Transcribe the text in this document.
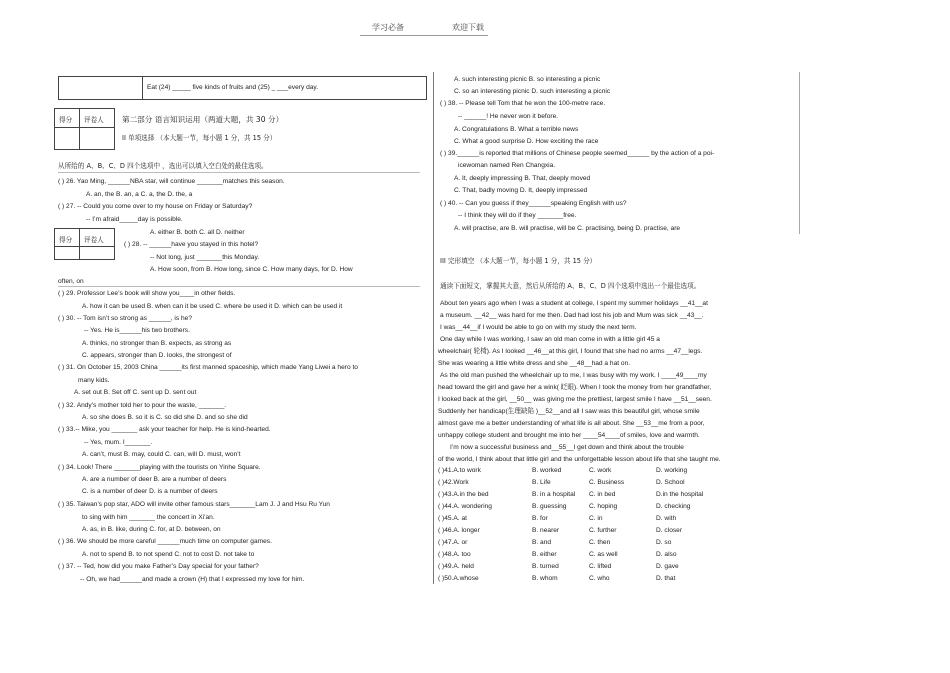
学习必备	欢迎下载
Eat (24) _____ five kinds of fruits and (25) _ ___every day.
得分 评卷人 第二部分 语言知识运用（两道大题，共 30 分）
II 单项选择 （本大题一节，每小题 1 分，共 15 分）
从所给的 A、B、C、D 四个选项中 ，选出可以填入空白处的最佳选项。
得分 评卷人
( ) 26. Yao Ming, ______NBA star, will continue _______matches this season.
A. an, the B. an, a C. a, the D. the, a
( ) 27. -- Could you come over to my house on Friday or Saturday?
-- I’m afraid_____day is possible.
A. either B. both C. all D. neither
( ) 28. -- ______have you stayed in this hotel?
-- Not long, just _______this Monday.
A. How soon, from B. How long, since C. How many days, for D. How
often, on
( ) 29. Professor Lee’s book will show you____in other fields.
A. how it can be used B. when can it be used C. where be used it D. which can be used it
( ) 30. -- Tom isn’t so strong as ______, is he?
-- Yes. He is______his two brothers.
A. thinks, no stronger than B. expects, as strong as
C. appears, stronger than D. looks, the strongest of
( ) 31. On October 15, 2003 China ______its first manned spaceship, which made Yang Liwei a hero to
many kids.
A. set out B. Set off C. sent up D. sent out
( ) 32. Andy’s mother told her to pour the waste, _______.
A. so she does B. so it is C. so did she D. and so she did
( ) 33.-- Mike, you _______ ask your teacher for help. He is kind-hearted.
-- Yes, mum. I_______.
A. can’t, must B. may, could C. can, will D. must, won’t
( ) 34. Look! There _______playing with the tourists on Yinhe Square.
A. are a number of deer B. are a number of deers
C. is a number of deer D. is a number of deers
( ) 35. Taiwan’s pop star, ADO will invite other famous stars_______Lam J. J and Hsu Ru Yun
to sing with him _______ the concert in Xi’an.
A. as, in B. like, during C. for, at D. between, on
( ) 36. We should be more careful ______much time on computer games.
A. not to spend B. to not spend C. not to cost D. not take to
( ) 37. -- Ted, how did you make Father’s Day special for your father?
-- Oh, we had______and made a crown (H) that I expressed my love for him.
A. such interesting picnic B. so interesting a picnic
C. so an interesting picnic D. such interesting a picnic
( ) 38. -- Please tell Tom that he won the 100-metre race.
-- ______! He never won it before.
A. Congratulations B. What a terrible news
C. What a good surprise D. How exciting the race
( ) 39.______is reported that millions of Chinese people seemed______ by the action of a poi-
icewoman named Ren Changxia.
A. It, deeply impressing B. That, deeply moved
C. That, badly moving D. It, deeply impressed
( ) 40. -- Can you guess if they______speaking English with us?
-- I think they will do if they _______free.
A. will practise, are B. will practise, will be C. practising, being D. practise, are
III 完形填空 （本大题一节，每小题 1 分，共 15 分）
通读下面短文，掌握其大意，然后从所给的 A、B、C、D 四个选项中选出一个最佳选项。
About ten years ago when I was a student at college, I spent my summer holidays __41__at
a museum. __42__ was hard for me then. Dad had lost his job and Mum was sick __43__.
I was__44__if I would be able to go on with my study the next term.
One day while I was working, I saw an old man come in with a little girl 45 a
wheelchair( 轮椅). As I looked __46__at this girl, I found that she had no arms __47__legs.
She was wearing a little white dress and she __48__had a hat on.
As the old man pushed the wheelchair up to me, I was busy with my work. I ____49____my
head toward the girl and gave her a wink( 眨眼). When I took the money from her grandfather,
I looked back at the girl, __50__ was giving me the prettiest, largest smile I have __51__seen.
Suddenly her handicap(生理缺陷 )__52__and all I saw was this beautiful girl, whose smile
almost gave me a better understanding of what life is all about. She __53__me from a poor,
unhappy college student and brought me into her ____54____of smiles, love and warmth.
I’m now a successful business and__55__I get down and think about the trouble
of the world, I think about that little girl and the unforgettable lesson about life that she taught me.
( )41.A.to work	B. worked	C. work	D. working
( )42.Work	B. Life	C. Business	D. School
( )43.A.in the bed	B. in a hospital C. in bed	D.in the hospital
( )44.A. wondering	B. guessing	C. hoping	D. checking
( )45.A. at	B. for	C. in	D. with
( )46.A. longer	B. nearer	C. further	D. closer
( )47.A. or	B. and	C. then	D. so
( )48.A. too	B. either	C. as well	D. also
( )49.A. held	B. turned	C. lifted	D. gave
( )50.A.whose	B. whom	C. who	D. that
